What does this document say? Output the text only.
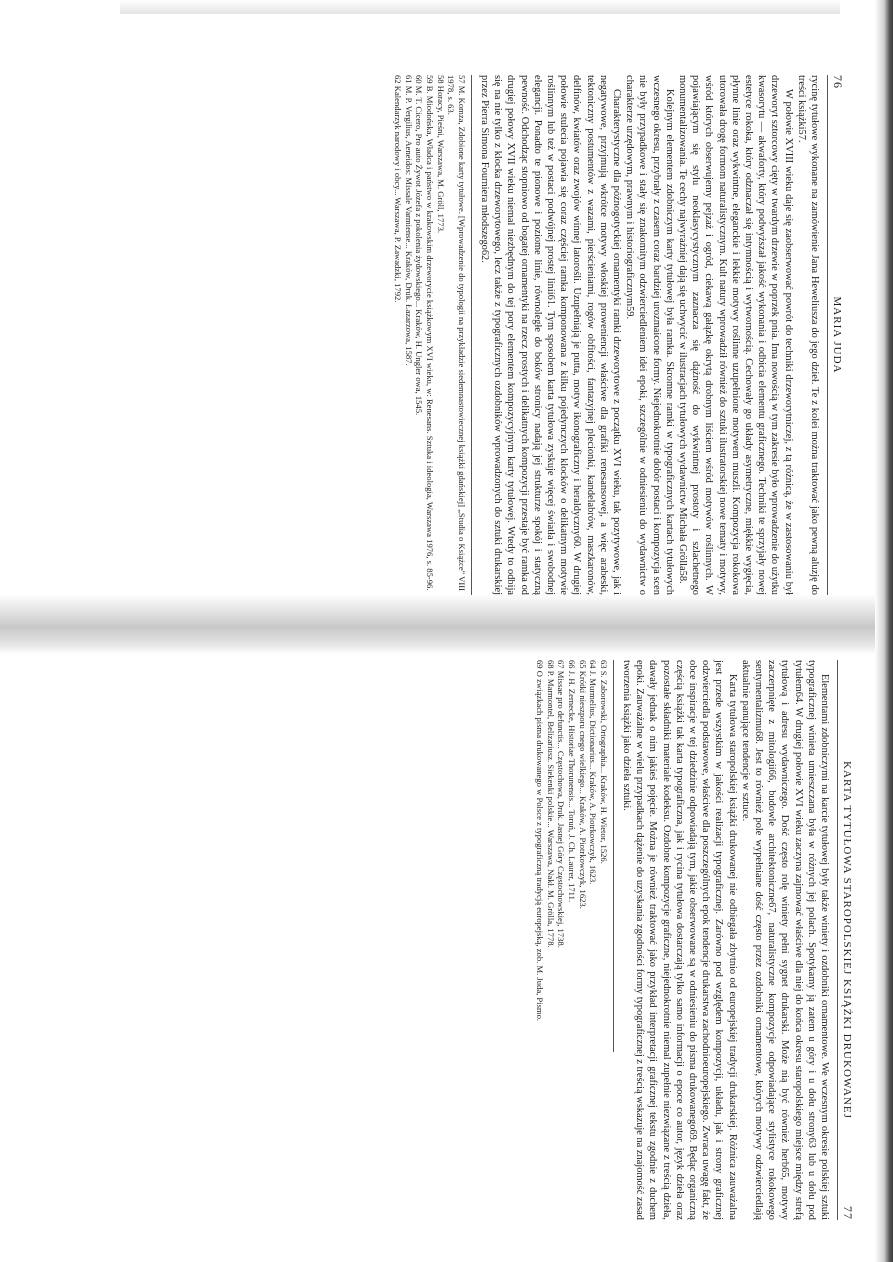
76
MARIA JUDA

rycinę tytułowe wykonane na zamówienie Jana Heweliusza do jego dzieł. Te z kolei można traktować jako pewną aluzję do treści książki57.

W połowie XVIII wieku daje się zaobserwować powrót do techniki drzeworytniczej, z tą różnicą, że w zastosowaniu był drzeworyt sztorcowy cięty w twardym drzewie w poprzek pnia. Ima nowością w tym zakresie było wprowadzenie do użytku kwasorytu — akwaforty, który podwyższał jakość wykonania i odbicia elementu graficznego. Techniki te sprzyjały nowej estetyce rokoka, który odznaczał się intymnością i wytwornością. Cechowały go układy asymetryczne, miękkie wygięcia, płynne linie oraz wykwintne, eleganckie i lekkie motywy roślinne uzupełnione motywem muszli. Kompozycja rokokowa utorowała drogę formom naturalistycznym. Kult natury wprowadził również do sztuki ilustratorskiej nowe tematy i motywy, wśród których obserwujemy pejzaż i ogród, ciekawą gałązkę okrytą drobnym liściem wśród motywów roślinnych. W pojawiającym się stylu neoklasycystycznym zaznacza się dążność do wykwintnej prostoty i szlachetnego monumentalizowania. Te cechy najwyraźniej dają się uchwycić w ilustracjach tytułowych wydawnictw Michała Grölla58.

Kolejnym elementem zdobniczym karty tytułowej była ramka. Skromne ramki w typograficznych kartach tytułowych wczesnego okresu, przybrały z czasem coraz bardziej urozmaicone formy. Niejednokrotnie dobór postaci i kompozycja scen nie były przypadkowe i stały się znakomitym odzwierciedleniem idei epoki, szczególnie w odniesieniu do wydawnictw o charakterze urzędowym, prawnym i historiograficznym59.

Charakterystyczne dla późnogotyckiej ornamentyki ramki drzeworytowe z początku XVI wieku, tak pozytywowe, jak i negatywowe, przyjmują wkrótce motywy włoskiej proweniencji właściwe dla grafiki renesansowej, a więc arabeski, tektoniczny postumentów z wazami, pierścieniami, rogów obfitości, fantazyjnej plecionki, kandelabrów, maszkaronów, delfinów, kwiatów oraz zwojów winnej latorośli. Uzupełniają je putta, motyw ikonograficzny i heraldyczny60. W drugiej połowie stulecia pojawia się coraz częściej ramka komponowana z kilku pojedynczych klocków o delikatnym motywie roślinnym lub też w postaci podwójnej prostej linii61. Tym sposobem karta tytułowa zyskuje więcej światła i swobodnej elegancji. Ponadto te pionowe i poziome linie, równoległe do boków stronicy nadają jej strukturze spokój i statyczną pewność. Odchodząc stopniowo od bogatej ornamentyki na rzecz prostych i delikatnych kompozycji przestaje być ramka od drugiej połowy XVII wieku niemal niezbędnym do tej pory elementem kompozycyjnym karty tytułowej. Wtedy to odbija się na nie tylko z klocka drzeworytowego, lecz także z typograficznych ozdobników wprowadzonych do sztuki drukarskiej przez Pierra Simona Fourniera młodszego62.

57 M. Komza, Zdobione karty tytułowe. [Wprowadzenie do typologii na przykładzie siedemnastowiecznej książki gdańskiej] „Studia o Książce" VIII 1978, s. 63.
58 Horacy, Pieśni, Warszawa, M. Gröll, 1773.
59 B. Miodońska, Władca i państwo w krakowskim drzeworycie książkowym XVI wieku, w: Renesans. Sztuka i ideologia, Warszawa 1976, s. 85-96.
60 M. T. Cicero, Pro auto Żywot Józefa z pokolenia żydowskiego... Kraków, H. Ungler owa, 1545.
61 M. P. Vergilius, Aeneidos: Missale Varmiense... Kraków, Druk. Łazarzowa, 1587.
62 Kalendarzyk narodowy i obcy... Warszawa, P. Zawadzki, 1792.
KARTA TYTUŁOWA STAROPOLSKIEJ KSIĄŻKI DRUKOWANEJ
77

Elementami zdobniczymi na karcie tytułowej były także winiety i ozdobniki ornamentowe. We wczesnym okresie polskiej sztuki typograficznej winieta umieszczana była w różnych jej polach. Spotykamy ją zatem u góry i u dołu strony63 lub u dołu pod tytułem64. W drugiej połowie XVI wieku zaczyna zajmować właściwe dla niej do końca okresu staropolskiego miejsce między strefą tytułową i adresu wydawniczego. Dość często rolę winiety pełni sygnet drukarski. Może nią być również herb65, motywy zaczerpnięte z mitologii66, budowle architektoniczne67, naturalistyczne kompozycje odpowiadające stylistyce rokokowego sentymentalizmu68. Jest to również pole wypełniane dość często przez ozdobniki ornamentowe, których motywy odzwierciedlają aktualnie panujące tendencje w sztuce.

Karta tytułowa staropolskiej książki drukowanej nie odbiegała zbytnio od europejskiej tradycji drukarskiej. Różnica zauważalna jest przede wszystkim w jakości realizacji typograficznej. Zarówno pod względem kompozycji, układu, jak i strony graficznej odzwierciedla podstawowe, właściwe dla poszczególnych epok tendencje drukarstwa zachodnioeuropejskiego. Zwraca uwagę fakt, że obce inspiracje w tej dziedzinie odpowiadają tym, jakie obserwowane są w odniesieniu do pisma drukowanego69. Będąc organiczną częścią książki tak karta typograficzna, jak i rycina tytułowa dostarczają tylko samo informacji o epoce co autor, język dzieła oraz pozostałe składniki materiale kodeksu. Ozdobne kompozycje graficzne, niejednokrotnie niemal zupełnie niezwiązane z treścią dzieła, dawały jednak o nim jakieś pojęcie. Można je również traktować jako przykład interpretacji graficznej tekstu zgodnie z duchem epoki. Zauważalne w wielu przypadkach dążenie do uzyskania zgodności formy typograficznej z treścią wskazuje na znajomość zasad tworzenia książki jako dzieła sztuki.

63 S. Zaborowski, Ortographia... Kraków, H. Wietor, 1526.
64 J. Murmelius, Dictionarius... Kraków, A. Piotrkowczyk, 1623.
65 Krótki nieszporu cnego wielkiego... Kraków, A. Piotrkowczyk, 1623.
66 J. H. Zernecke, Historiae Thorunensis... Toruń, J. Ch. Laurer, 1711.
67 Missae pro defunctis... Częstochowa, Druk. Jasnej Góry Częstochowskiej, 1738.
68 P. Marmontel, Belizariusz. Siekenki polskie... Warszawa, Nakł. M. Grölla, 1778.
69 O związkach pisma drukowanego w Polsce z typograficzną tradycją europejską, zob. M. Juda, Pismo.
